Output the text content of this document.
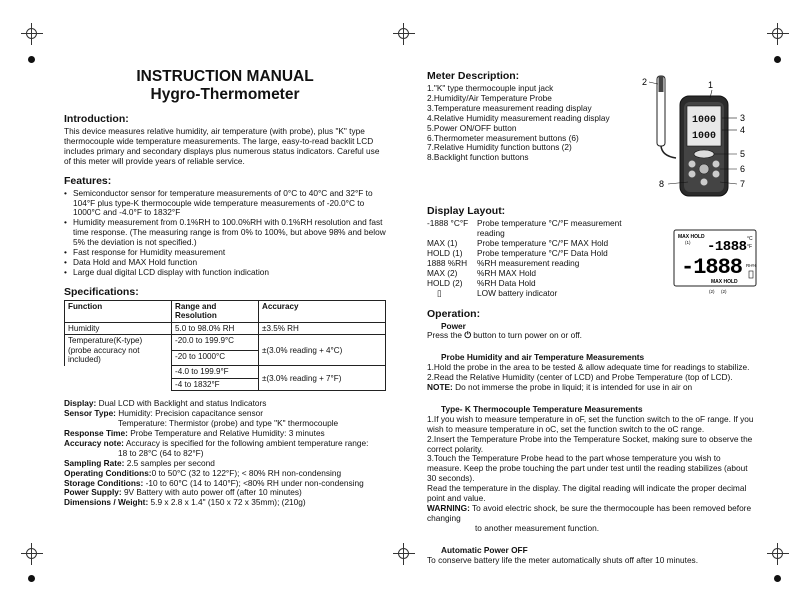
INSTRUCTION MANUAL
Hygro-Thermometer
Introduction:

This device measures relative humidity, air temperature (with probe), plus "K" type thermocouple wide temperature measurements. The large, easy-to-read backlit LCD includes primary and secondary displays plus numerous status indicators. Careful use of this meter will provide years of reliable service.

Features:
• Semiconductor sensor for temperature measurements of 0°C to 40°C and 32°F to 104°F plus type-K thermocouple wide temperature measurements of -20.0°C to 1000°C and -4.0°F to 1832°F
• Humidity measurement from 0.1%RH to 100.0%RH with 0.1%RH resolution and fast time response. (The measuring range is from 0% to 100%, but above 98% and below 5% the deviation is not specified.)
• Fast response for Humidity measurement
• Data Hold and MAX Hold function
• Large dual digital LCD display with function indication
Specifications:
Function	Range and Resolution	Accuracy
Humidity	5.0 to 98.0% RH	±3.5% RH

Temperature(K-type)
(probe accuracy not included)	-20.0 to 199.9°C	±(3.0% reading + 4°C)
	-20 to 1000°C	
	-4.0 to 199.9°F	±(3.0% reading + 7°F)
	-4 to 1832°F	

Display: Dual LCD with Backlight and status Indicators

Sensor Type: Humidity: Precision capacitance sensor

Temperature: Thermistor (probe) and type "K" thermocouple

Response Time: Probe Temperature and Relative Humidity: 3 minutes

Accuracy note: Accuracy is specified for the following ambient temperature range:

18 to 28°C (64 to 82°F)

Sampling Rate: 2.5 samples per second

Operating Conditions:0 to 50°C (32 to 122°F); < 80% RH non-condensing

Storage Conditions: -10 to 60°C (14 to 140°F); <80% RH under non-condensing

Power Supply: 9V Battery with auto power off (after 10 minutes)

Dimensions / Weight: 5.9 x 2.8 x 1.4" (150 x 72 x 35mm); (210g)

Meter Description:

1."K" type thermocouple input jack

2.Humidity/Air Temperature Probe

3.Temperature measurement reading display

4.Relative Humidity measurement reading display

5.Power ON/OFF button

6.Thermometer measurement buttons (6)

7.Relative Humidity function buttons (2)

8.Backlight function buttons

Display Layout:
-1888 °C°F	Probe temperature °C/°F measurement reading
MAX (1)	Probe temperature °C/°F MAX Hold
HOLD (1)	Probe temperature °C/°F Data Hold
1888 %RH	%RH measurement reading
MAX (2)	%RH MAX Hold
HOLD (2)	%RH Data Hold
▯	LOW battery indicator
Operation:

Power

Press the ⏻ button to turn power on or off.

Probe Humidity and air Temperature Measurements

1.Hold the probe in the area to be tested & allow adequate time for readings to stabilize.

2.Read the Relative Humidity (center of LCD) and Probe Temperature (top of LCD).

NOTE: Do not immerse the probe in liquid; it is intended for use in air on

Type- K Thermocouple Temperature Measurements

1.If you wish to measure temperature in oF, set the function switch to the oF range. If you wish to measure temperature in oC, set the function switch to the oC range.

2.Insert the Temperature Probe into the Temperature Socket, making sure to observe the correct polarity.

3.Touch the Temperature Probe head to the part whose temperature you wish to measure. Keep the probe touching the part under test until the reading stabilizes (about 30 seconds).

Read the temperature in the display. The digital reading will indicate the proper decimal point and value.

WARNING: To avoid electric shock, be sure the thermocouple has been removed before changing

to another measurement function.

Automatic Power OFF

To conserve battery life the meter automatically shuts off after 10 minutes.

1000
1000
2	1
3
4
5
6
7
8
MAX HOLD
(1) -1888 °C
°F
-1888 RH%
MAX HOLD
(2) (2)
